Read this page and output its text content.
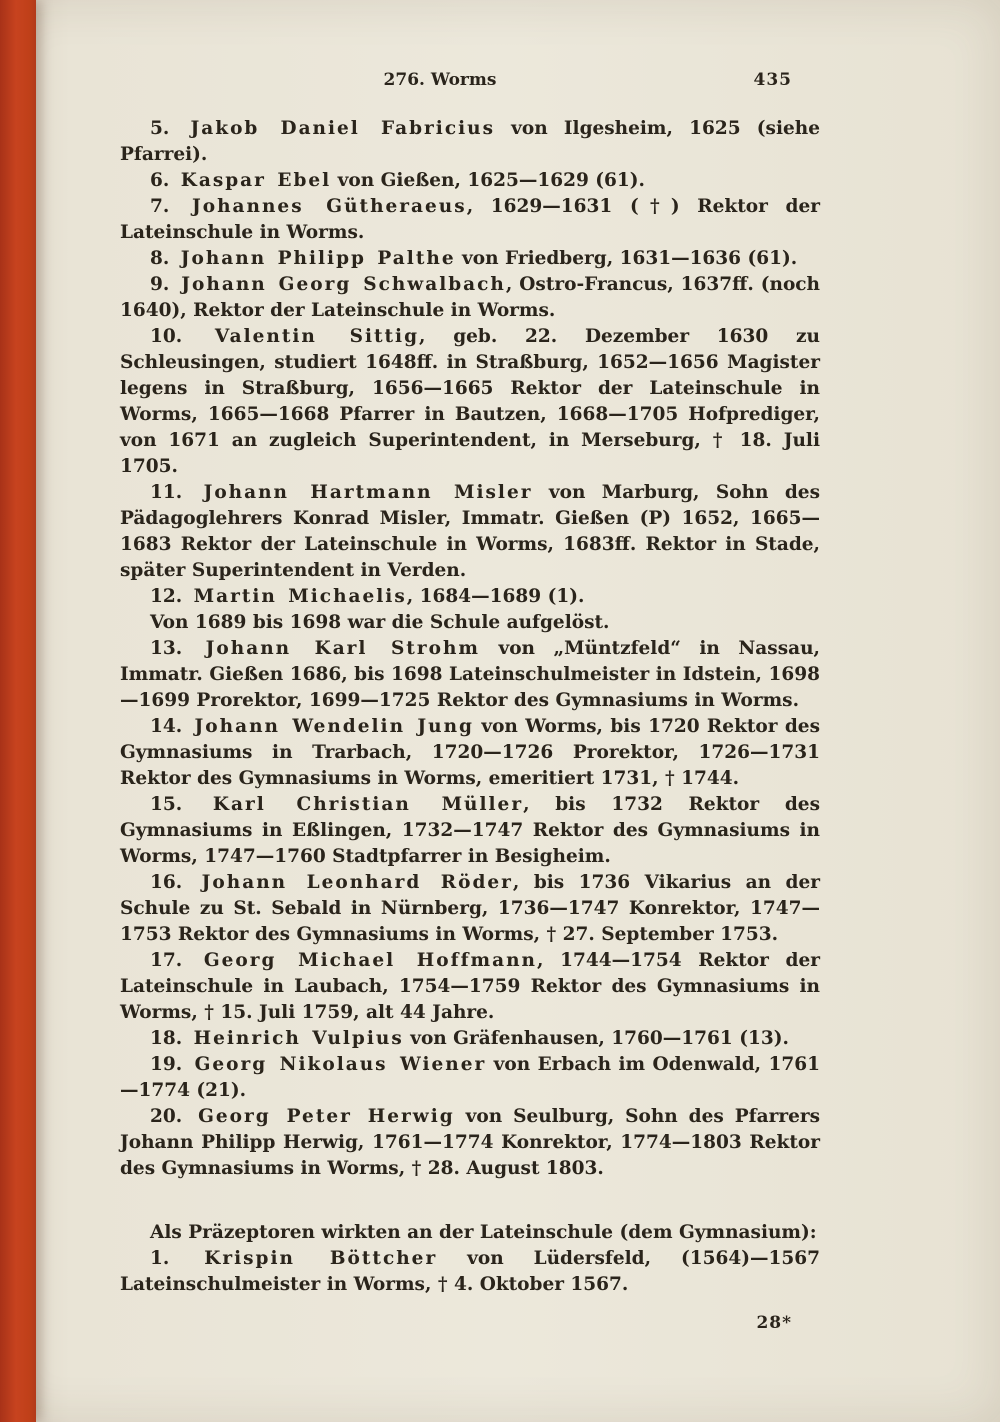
276. Worms	435

5. Jakob Daniel Fabricius von Ilgesheim, 1625 (siehe Pfarrei).

6. Kaspar Ebel von Gießen, 1625—1629 (61).

7. Johannes Gütheraeus, 1629—1631 (†) Rektor der Lateinschule in Worms.

8. Johann Philipp Palthe von Friedberg, 1631—1636 (61).

9. Johann Georg Schwalbach, Ostro-Francus, 1637ff. (noch 1640), Rektor der Lateinschule in Worms.

10. Valentin Sittig, geb. 22. Dezember 1630 zu Schleusingen, studiert 1648ff. in Straßburg, 1652—1656 Magister legens in Straßburg, 1656—1665 Rektor der Lateinschule in Worms, 1665—1668 Pfarrer in Bautzen, 1668—1705 Hofprediger, von 1671 an zugleich Superintendent, in Merseburg, † 18. Juli 1705.

11. Johann Hartmann Misler von Marburg, Sohn des Pädagoglehrers Konrad Misler, Immatr. Gießen (P) 1652, 1665—1683 Rektor der Lateinschule in Worms, 1683ff. Rektor in Stade, später Superintendent in Verden.

12. Martin Michaelis, 1684—1689 (1).

Von 1689 bis 1698 war die Schule aufgelöst.

13. Johann Karl Strohm von „Müntzfeld“ in Nassau, Immatr. Gießen 1686, bis 1698 Lateinschulmeister in Idstein, 1698—1699 Prorektor, 1699—1725 Rektor des Gymnasiums in Worms.

14. Johann Wendelin Jung von Worms, bis 1720 Rektor des Gymnasiums in Trarbach, 1720—1726 Prorektor, 1726—1731 Rektor des Gymnasiums in Worms, emeritiert 1731, † 1744.

15. Karl Christian Müller, bis 1732 Rektor des Gymnasiums in Eßlingen, 1732—1747 Rektor des Gymnasiums in Worms, 1747—1760 Stadtpfarrer in Besigheim.

16. Johann Leonhard Röder, bis 1736 Vikarius an der Schule zu St. Sebald in Nürnberg, 1736—1747 Konrektor, 1747—1753 Rektor des Gymnasiums in Worms, † 27. September 1753.

17. Georg Michael Hoffmann, 1744—1754 Rektor der Lateinschule in Laubach, 1754—1759 Rektor des Gymnasiums in Worms, † 15. Juli 1759, alt 44 Jahre.

18. Heinrich Vulpius von Gräfenhausen, 1760—1761 (13).

19. Georg Nikolaus Wiener von Erbach im Odenwald, 1761—1774 (21).

20. Georg Peter Herwig von Seulburg, Sohn des Pfarrers Johann Philipp Herwig, 1761—1774 Konrektor, 1774—1803 Rektor des Gymnasiums in Worms, † 28. August 1803.

Als Präzeptoren wirkten an der Lateinschule (dem Gymnasium):

1. Krispin Böttcher von Lüdersfeld, (1564)—1567 Lateinschulmeister in Worms, † 4. Oktober 1567.

28*
